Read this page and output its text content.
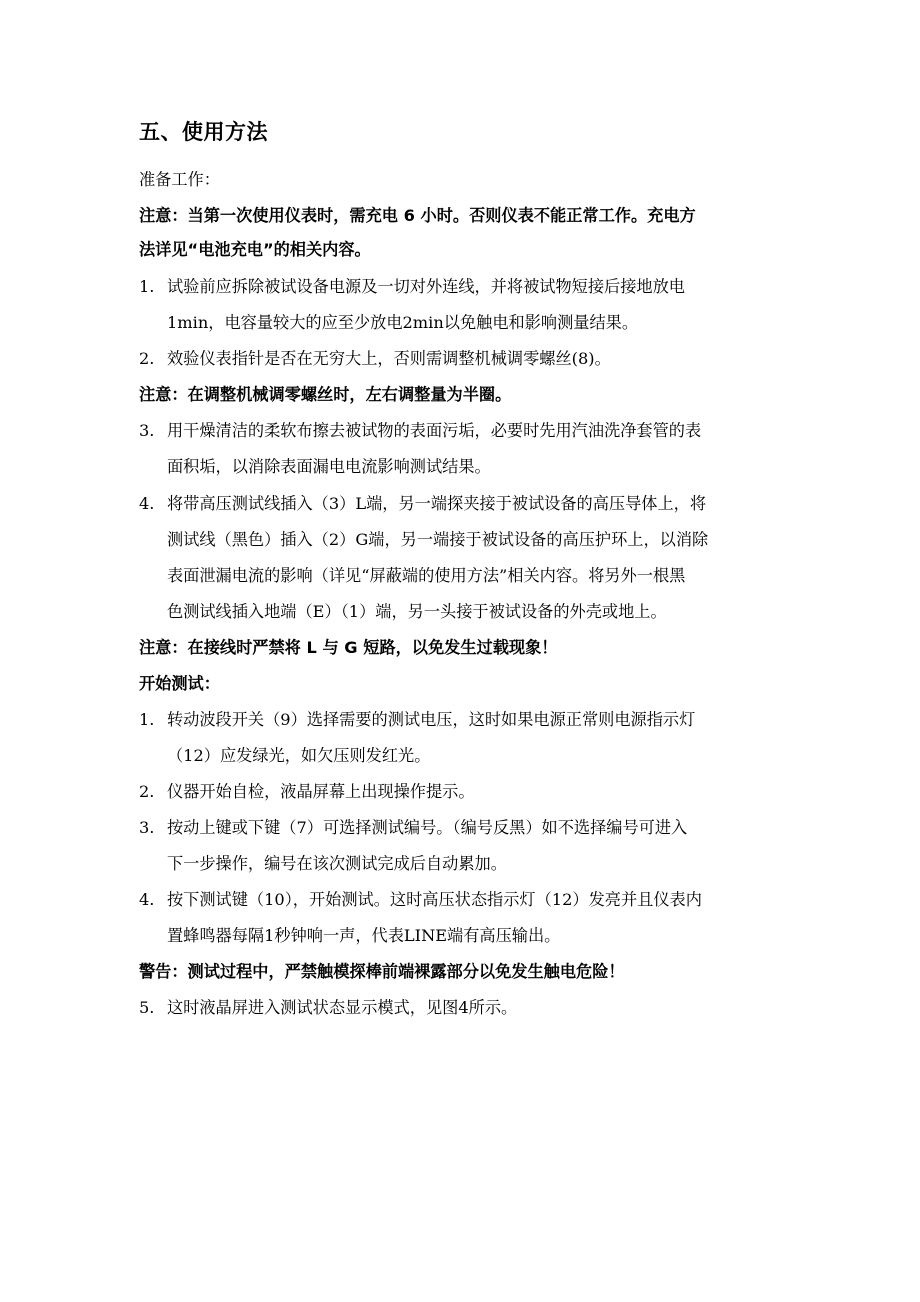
五、使用方法
准备工作：
注意：当第一次使用仪表时，需充电 6 小时。否则仪表不能正常工作。充电方
法详见“电池充电”的相关内容。
1. 试验前应拆除被试设备电源及一切对外连线，并将被试物短接后接地放电
1min，电容量较大的应至少放电2min以免触电和影响测量结果。
2. 效验仪表指针是否在无穷大上，否则需调整机械调零螺丝(8)。
注意：在调整机械调零螺丝时，左右调整量为半圈。
3. 用干燥清洁的柔软布擦去被试物的表面污垢，必要时先用汽油洗净套管的表
面积垢，以消除表面漏电电流影响测试结果。
4. 将带高压测试线插入（3）L端，另一端探夹接于被试设备的高压导体上，将
测试线（黑色）插入（2）G端，另一端接于被试设备的高压护环上，以消除
表面泄漏电流的影响（详见“屏蔽端的使用方法”相关内容。将另外一根黑
色测试线插入地端（E）（1）端，另一头接于被试设备的外壳或地上。
注意：在接线时严禁将 L 与 G 短路，以免发生过载现象！
开始测试：
1. 转动波段开关（9）选择需要的测试电压，这时如果电源正常则电源指示灯
（12）应发绿光，如欠压则发红光。
2. 仪器开始自检，液晶屏幕上出现操作提示。
3. 按动上键或下键（7）可选择测试编号。（编号反黑）如不选择编号可进入
下一步操作，编号在该次测试完成后自动累加。
4. 按下测试键（10），开始测试。这时高压状态指示灯（12）发亮并且仪表内
置蜂鸣器每隔1秒钟响一声，代表LINE端有高压输出。
警告：测试过程中，严禁触模探棒前端裸露部分以免发生触电危险！
5. 这时液晶屏进入测试状态显示模式，见图4所示。
